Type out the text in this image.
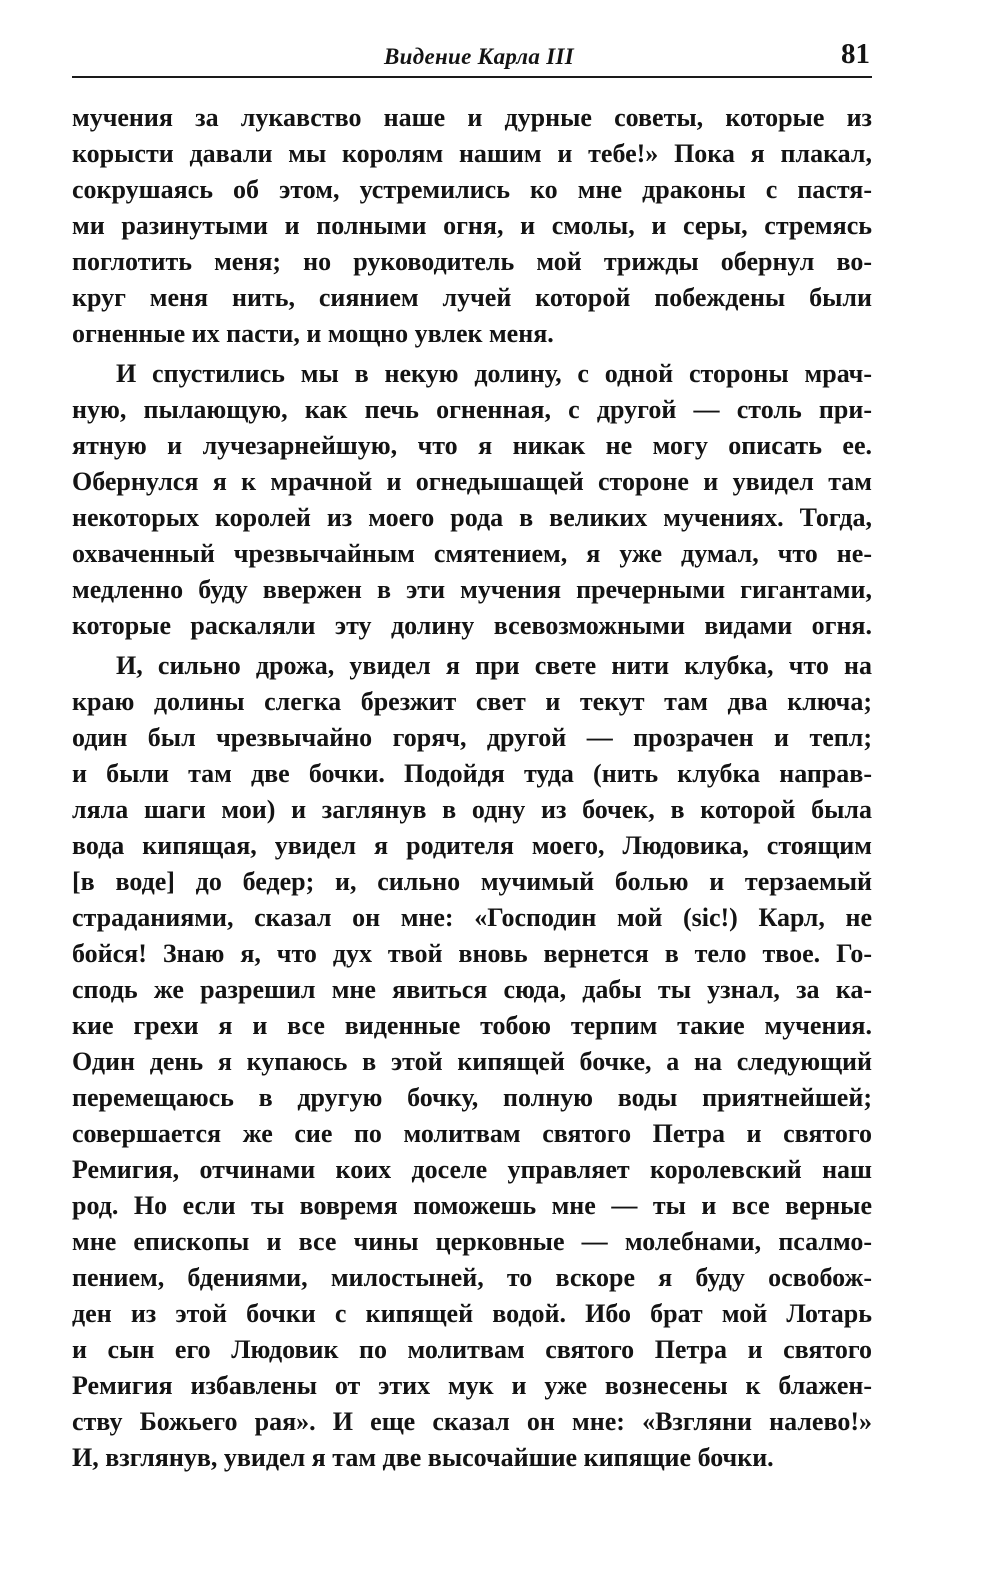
Видение Карла III	81
мучения за лукавство наше и дурные советы, которые из
корысти давали мы королям нашим и тебе!» Пока я плакал,
сокрушаясь об этом, устремились ко мне драконы с пастя-
ми разинутыми и полными огня, и смолы, и серы, стремясь
поглотить меня; но руководитель мой трижды обернул во-
круг меня нить, сиянием лучей которой побеждены были
огненные их пасти, и мощно увлек меня.
И спустились мы в некую долину, с одной стороны мрач-
ную, пылающую, как печь огненная, с другой — столь при-
ятную и лучезарнейшую, что я никак не могу описать ее.
Обернулся я к мрачной и огнедышащей стороне и увидел там
некоторых королей из моего рода в великих мучениях. Тогда,
охваченный чрезвычайным смятением, я уже думал, что не-
медленно буду ввержен в эти мучения пречерными гигантами,
которые раскаляли эту долину всевозможными видами огня.
И, сильно дрожа, увидел я при свете нити клубка, что на
краю долины слегка брезжит свет и текут там два ключа;
один был чрезвычайно горяч, другой — прозрачен и тепл;
и были там две бочки. Подойдя туда (нить клубка направ-
ляла шаги мои) и заглянув в одну из бочек, в которой была
вода кипящая, увидел я родителя моего, Людовика, стоящим
[в воде] до бедер; и, сильно мучимый болью и терзаемый
страданиями, сказал он мне: «Господин мой (sic!) Карл, не
бойся! Знаю я, что дух твой вновь вернется в тело твое. Го-
сподь же разрешил мне явиться сюда, дабы ты узнал, за ка-
кие грехи я и все виденные тобою терпим такие мучения.
Один день я купаюсь в этой кипящей бочке, а на следующий
перемещаюсь в другую бочку, полную воды приятнейшей;
совершается же сие по молитвам святого Петра и святого
Ремигия, отчинами коих доселе управляет королевский наш
род. Но если ты вовремя поможешь мне — ты и все верные
мне епископы и все чины церковные — молебнами, псалмо-
пением, бдениями, милостыней, то вскоре я буду освобож-
ден из этой бочки с кипящей водой. Ибо брат мой Лотарь
и сын его Людовик по молитвам святого Петра и святого
Ремигия избавлены от этих мук и уже вознесены к блажен-
ству Божьего рая». И еще сказал он мне: «Взгляни налево!»
И, взглянув, увидел я там две высочайшие кипящие бочки.
